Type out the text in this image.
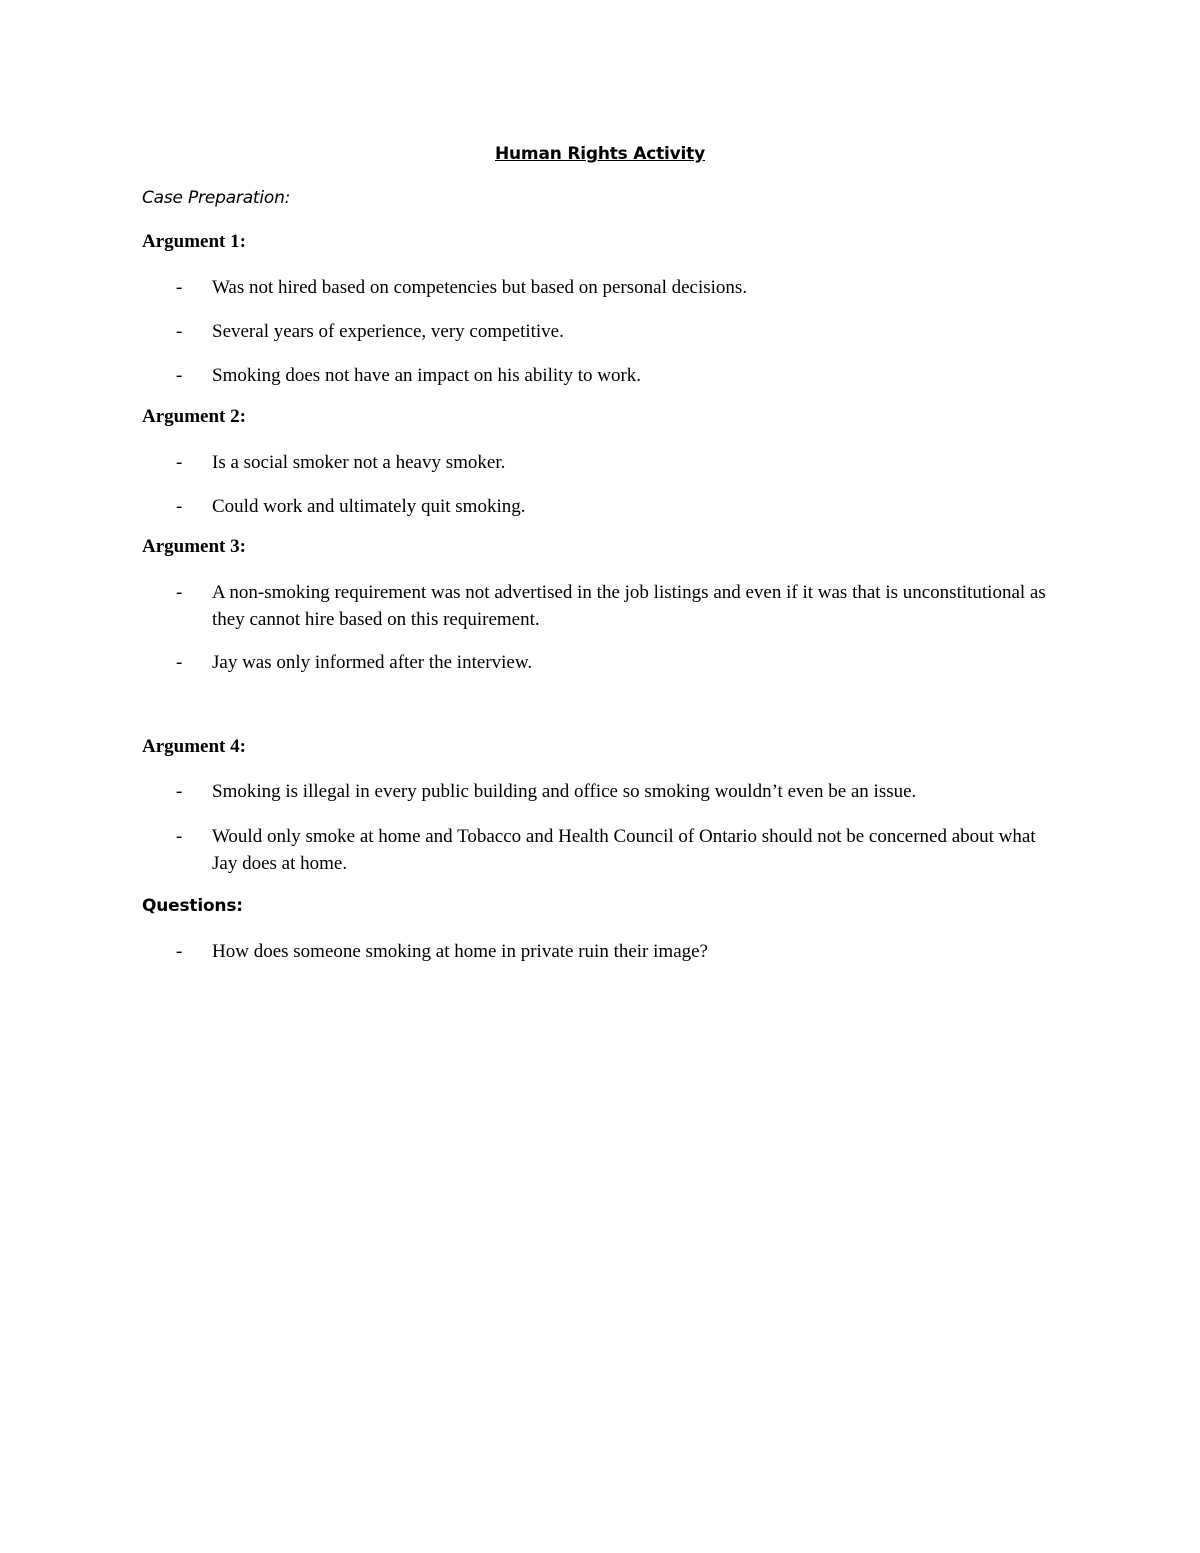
Human Rights Activity
Case Preparation:
Argument 1:
- Was not hired based on competencies but based on personal decisions.
- Several years of experience, very competitive.
- Smoking does not have an impact on his ability to work.
Argument 2:
- Is a social smoker not a heavy smoker.
- Could work and ultimately quit smoking.
Argument 3:
- A non-smoking requirement was not advertised in the job listings and even if it was that is unconstitutional as they cannot hire based on this requirement.
- Jay was only informed after the interview.
Argument 4:
- Smoking is illegal in every public building and office so smoking wouldn’t even be an issue.
- Would only smoke at home and Tobacco and Health Council of Ontario should not be concerned about what Jay does at home.
Questions:
- How does someone smoking at home in private ruin their image?
